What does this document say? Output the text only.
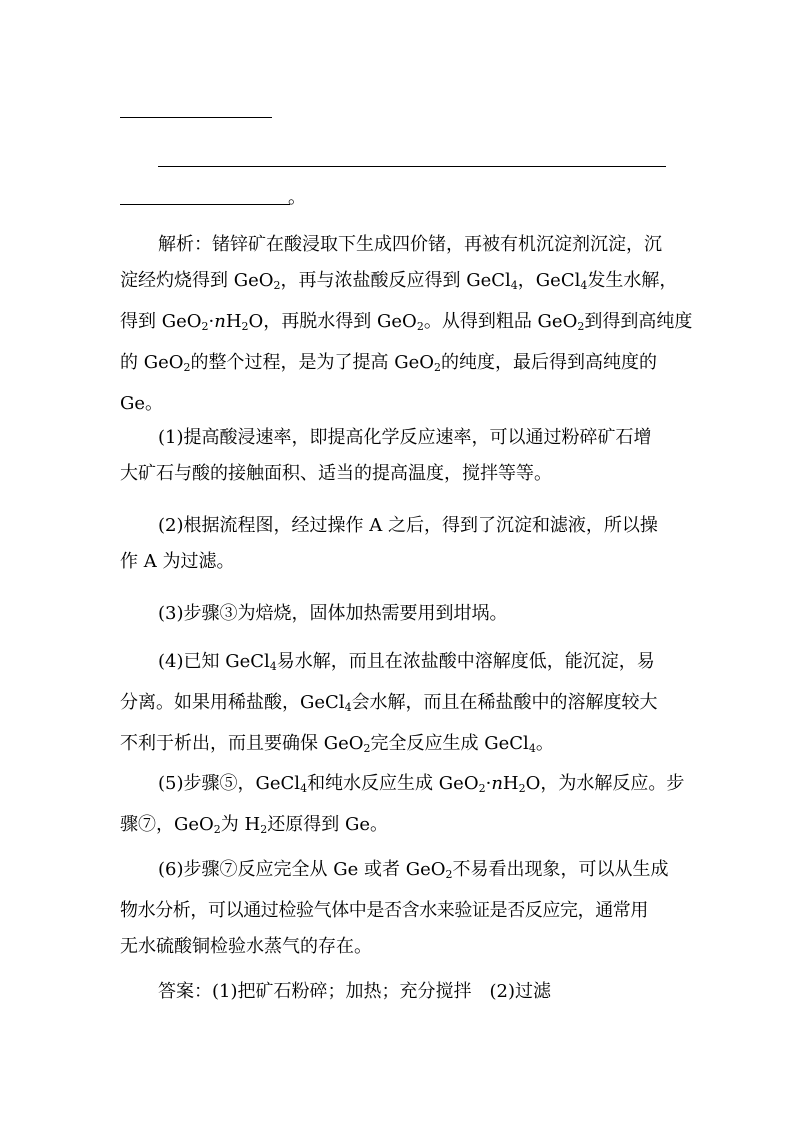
。
解析：锗锌矿在酸浸取下生成四价锗，再被有机沉淀剂沉淀，沉
淀经灼烧得到 GeO$_2$，再与浓盐酸反应得到 GeCl$_4$，GeCl$_4$发生水解，
得到 $GeO_2\cdot nH_2O$，再脱水得到 GeO$_2$。从得到粗品 GeO$_2$到得到高纯度
的 GeO$_2$的整个过程，是为了提高 GeO$_2$的纯度，最后得到高纯度的
Ge。
(1)提高酸浸速率，即提高化学反应速率，可以通过粉碎矿石增
大矿石与酸的接触面积、适当的提高温度，搅拌等等。
(2)根据流程图，经过操作 A 之后，得到了沉淀和滤液，所以操
作 A 为过滤。
(3)步骤③为焙烧，固体加热需要用到坩埚。
(4)已知 GeCl$_4$易水解，而且在浓盐酸中溶解度低，能沉淀，易
分离。如果用稀盐酸，GeCl$_4$会水解，而且在稀盐酸中的溶解度较大
不利于析出，而且要确保 GeO$_2$完全反应生成 GeCl$_4$。
(5)步骤⑤，GeCl$_4$和纯水反应生成 $GeO_2\cdot nH_2O$，为水解反应。步
骤⑦，GeO$_2$为 $H_2$还原得到 Ge。
(6)步骤⑦反应完全从 Ge 或者 GeO$_2$不易看出现象，可以从生成
物水分析，可以通过检验气体中是否含水来验证是否反应完，通常用
无水硫酸铜检验水蒸气的存在。
答案：(1)把矿石粉碎；加热；充分搅拌　(2)过滤
